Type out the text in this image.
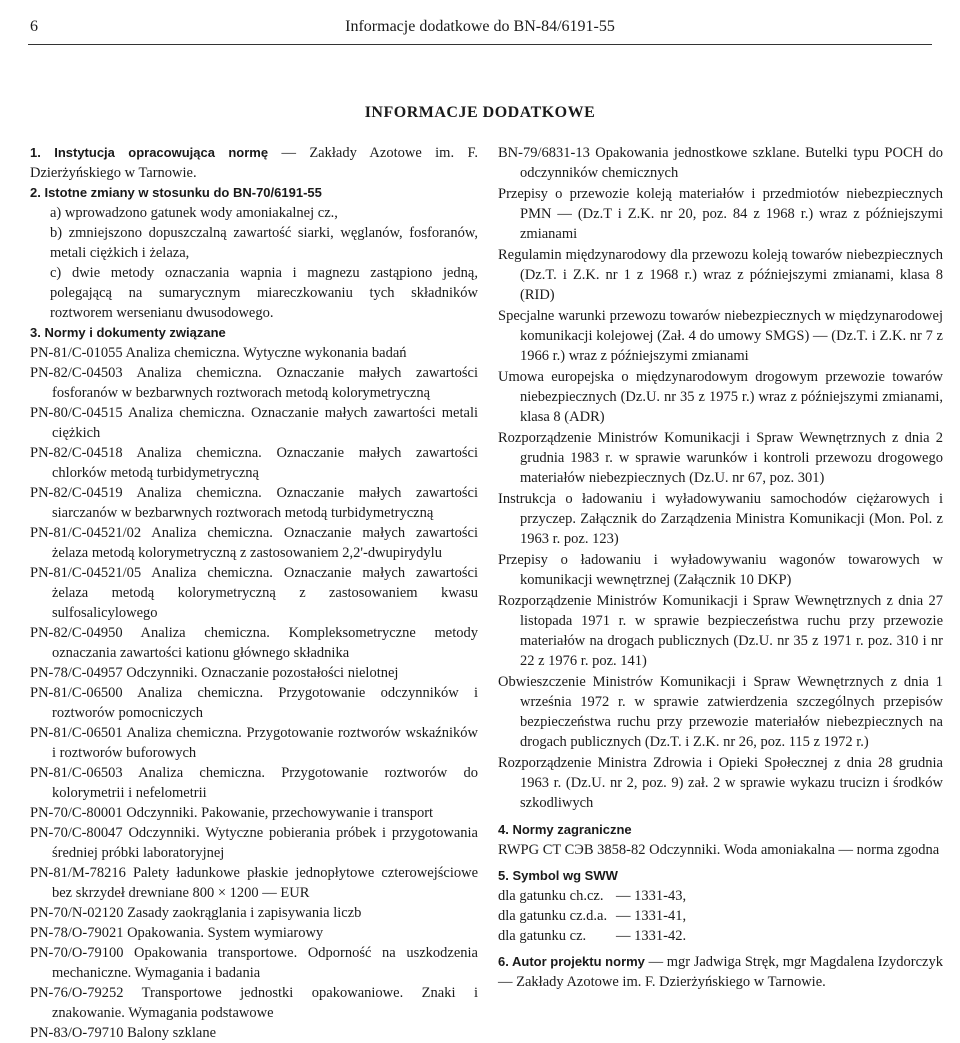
6	Informacje dodatkowe do BN-84/6191-55
INFORMACJE DODATKOWE

1. Instytucja opracowująca normę — Zakłady Azotowe im. F. Dzierżyńskiego w Tarnowie.

2. Istotne zmiany w stosunku do BN-70/6191-55

a) wprowadzono gatunek wody amoniakalnej cz.,

b) zmniejszono dopuszczalną zawartość siarki, węglanów, fosforanów, metali ciężkich i żelaza,

c) dwie metody oznaczania wapnia i magnezu zastąpiono jedną, polegającą na sumarycznym miareczkowaniu tych składników roztworem wersenianu dwusodowego.

3. Normy i dokumenty związane

PN-81/C-01055 Analiza chemiczna. Wytyczne wykonania badań

PN-82/C-04503 Analiza chemiczna. Oznaczanie małych zawartości fosforanów w bezbarwnych roztworach metodą kolorymetryczną

PN-80/C-04515 Analiza chemiczna. Oznaczanie małych zawartości metali ciężkich

PN-82/C-04518 Analiza chemiczna. Oznaczanie małych zawartości chlorków metodą turbidymetryczną

PN-82/C-04519 Analiza chemiczna. Oznaczanie małych zawartości siarczanów w bezbarwnych roztworach metodą turbidymetryczną

PN-81/C-04521/02 Analiza chemiczna. Oznaczanie małych zawartości żelaza metodą kolorymetryczną z zastosowaniem 2,2'-dwupirydylu

PN-81/C-04521/05 Analiza chemiczna. Oznaczanie małych zawartości żelaza metodą kolorymetryczną z zastosowaniem kwasu sulfosalicylowego

PN-82/C-04950 Analiza chemiczna. Kompleksometryczne metody oznaczania zawartości kationu głównego składnika

PN-78/C-04957 Odczynniki. Oznaczanie pozostałości nielotnej

PN-81/C-06500 Analiza chemiczna. Przygotowanie odczynników i roztworów pomocniczych

PN-81/C-06501 Analiza chemiczna. Przygotowanie roztworów wskaźników i roztworów buforowych

PN-81/C-06503 Analiza chemiczna. Przygotowanie roztworów do kolorymetrii i nefelometrii

PN-70/C-80001 Odczynniki. Pakowanie, przechowywanie i transport

PN-70/C-80047 Odczynniki. Wytyczne pobierania próbek i przygotowania średniej próbki laboratoryjnej

PN-81/M-78216 Palety ładunkowe płaskie jednopłytowe czterowejściowe bez skrzydeł drewniane 800 × 1200 — EUR

PN-70/N-02120 Zasady zaokrąglania i zapisywania liczb

PN-78/O-79021 Opakowania. System wymiarowy

PN-70/O-79100 Opakowania transportowe. Odporność na uszkodzenia mechaniczne. Wymagania i badania

PN-76/O-79252 Transportowe jednostki opakowaniowe. Znaki i znakowanie. Wymagania podstawowe

PN-83/O-79710 Balony szklane

BN-79/6831-13 Opakowania jednostkowe szklane. Butelki typu POCH do odczynników chemicznych

Przepisy o przewozie koleją materiałów i przedmiotów niebezpiecznych PMN — (Dz.T i Z.K. nr 20, poz. 84 z 1968 r.) wraz z późniejszymi zmianami

Regulamin międzynarodowy dla przewozu koleją towarów niebezpiecznych (Dz.T. i Z.K. nr 1 z 1968 r.) wraz z późniejszymi zmianami, klasa 8 (RID)

Specjalne warunki przewozu towarów niebezpiecznych w międzynarodowej komunikacji kolejowej (Zał. 4 do umowy SMGS) — (Dz.T. i Z.K. nr 7 z 1966 r.) wraz z późniejszymi zmianami

Umowa europejska o międzynarodowym drogowym przewozie towarów niebezpiecznych (Dz.U. nr 35 z 1975 r.) wraz z późniejszymi zmianami, klasa 8 (ADR)

Rozporządzenie Ministrów Komunikacji i Spraw Wewnętrznych z dnia 2 grudnia 1983 r. w sprawie warunków i kontroli przewozu drogowego materiałów niebezpiecznych (Dz.U. nr 67, poz. 301)

Instrukcja o ładowaniu i wyładowywaniu samochodów ciężarowych i przyczep. Załącznik do Zarządzenia Ministra Komunikacji (Mon. Pol. z 1963 r. poz. 123)

Przepisy o ładowaniu i wyładowywaniu wagonów towarowych w komunikacji wewnętrznej (Załącznik 10 DKP)

Rozporządzenie Ministrów Komunikacji i Spraw Wewnętrznych z dnia 27 listopada 1971 r. w sprawie bezpieczeństwa ruchu przy przewozie materiałów na drogach publicznych (Dz.U. nr 35 z 1971 r. poz. 310 i nr 22 z 1976 r. poz. 141)

Obwieszczenie Ministrów Komunikacji i Spraw Wewnętrznych z dnia 1 września 1972 r. w sprawie zatwierdzenia szczególnych przepisów bezpieczeństwa ruchu przy przewozie materiałów niebezpiecznych na drogach publicznych (Dz.T. i Z.K. nr 26, poz. 115 z 1972 r.)

Rozporządzenie Ministra Zdrowia i Opieki Społecznej z dnia 28 grudnia 1963 r. (Dz.U. nr 2, poz. 9) zał. 2 w sprawie wykazu trucizn i środków szkodliwych

4. Normy zagraniczne

RWPG CT СЭВ 3858-82 Odczynniki. Woda amoniakalna — norma zgodna

5. Symbol wg SWW

dla gatunku ch.cz. — 1331-43,

dla gatunku cz.d.a. — 1331-41,

dla gatunku cz. — 1331-42.

6. Autor projektu normy — mgr Jadwiga Stręk, mgr Magdalena Izydorczyk — Zakłady Azotowe im. F. Dzierżyńskiego w Tarnowie.
